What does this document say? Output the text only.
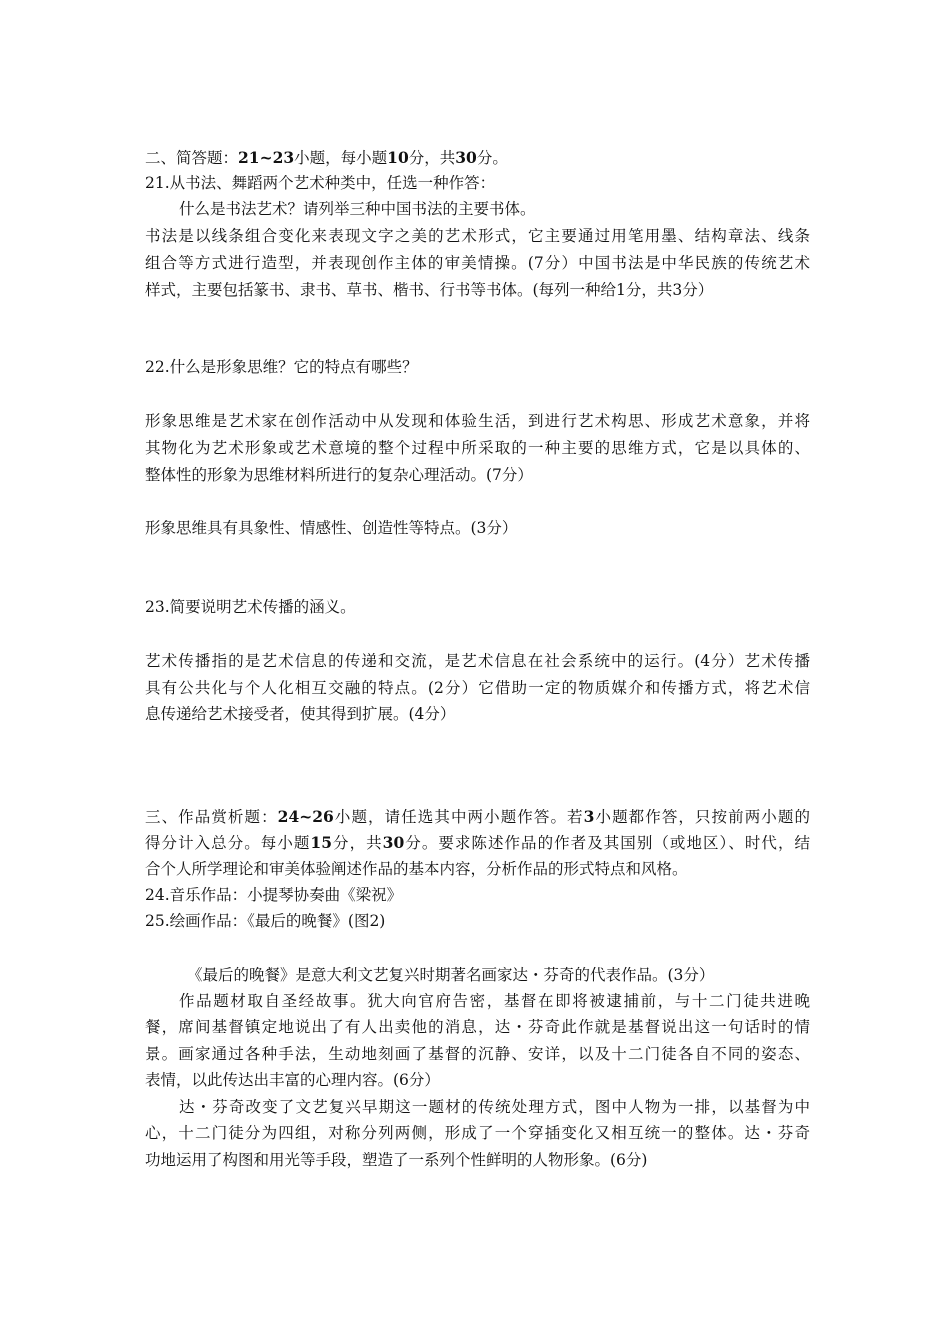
二、简答题：21~23小题，每小题10分，共30分。
21.从书法、舞蹈两个艺术种类中，任选一种作答：
什么是书法艺术？请列举三种中国书法的主要书体。
书法是以线条组合变化来表现文字之美的艺术形式，它主要通过用笔用墨、结构章法、线条
组合等方式进行造型，并表现创作主体的审美情操。(7分）中国书法是中华民族的传统艺术
样式，主要包括篆书、隶书、草书、楷书、行书等书体。(每列一种给1分，共3分）
22.什么是形象思维？它的特点有哪些？
形象思维是艺术家在创作活动中从发现和体验生活，到进行艺术构思、形成艺术意象，并将
其物化为艺术形象或艺术意境的整个过程中所采取的一种主要的思维方式，它是以具体的、
整体性的形象为思维材料所进行的复杂心理活动。(7分）
形象思维具有具象性、情感性、创造性等特点。(3分）
23.简要说明艺术传播的涵义。
艺术传播指的是艺术信息的传递和交流，是艺术信息在社会系统中的运行。(4分）艺术传播
具有公共化与个人化相互交融的特点。(2分）它借助一定的物质媒介和传播方式，将艺术信
息传递给艺术接受者，使其得到扩展。(4分）
三、作品赏析题：24~26小题，请任选其中两小题作答。若3小题都作答，只按前两小题的
得分计入总分。每小题15分，共30分。要求陈述作品的作者及其国别（或地区）、时代，结
合个人所学理论和审美体验阐述作品的基本内容，分析作品的形式特点和风格。
24.音乐作品：小提琴协奏曲《梁祝》
25.绘画作品：《最后的晚餐》(图2)
《最后的晚餐》是意大利文艺复兴时期著名画家达・芬奇的代表作品。(3分）
作品题材取自圣经故事。犹大向官府告密，基督在即将被逮捕前，与十二门徒共进晚
餐，席间基督镇定地说出了有人出卖他的消息，达・芬奇此作就是基督说出这一句话时的情
景。画家通过各种手法，生动地刻画了基督的沉静、安详，以及十二门徒各自不同的姿态、
表情，以此传达出丰富的心理内容。(6分）
达・芬奇改变了文艺复兴早期这一题材的传统处理方式，图中人物为一排，以基督为中
心，十二门徒分为四组，对称分列两侧，形成了一个穿插变化又相互统一的整体。达・芬奇
功地运用了构图和用光等手段，塑造了一系列个性鲜明的人物形象。(6分)
